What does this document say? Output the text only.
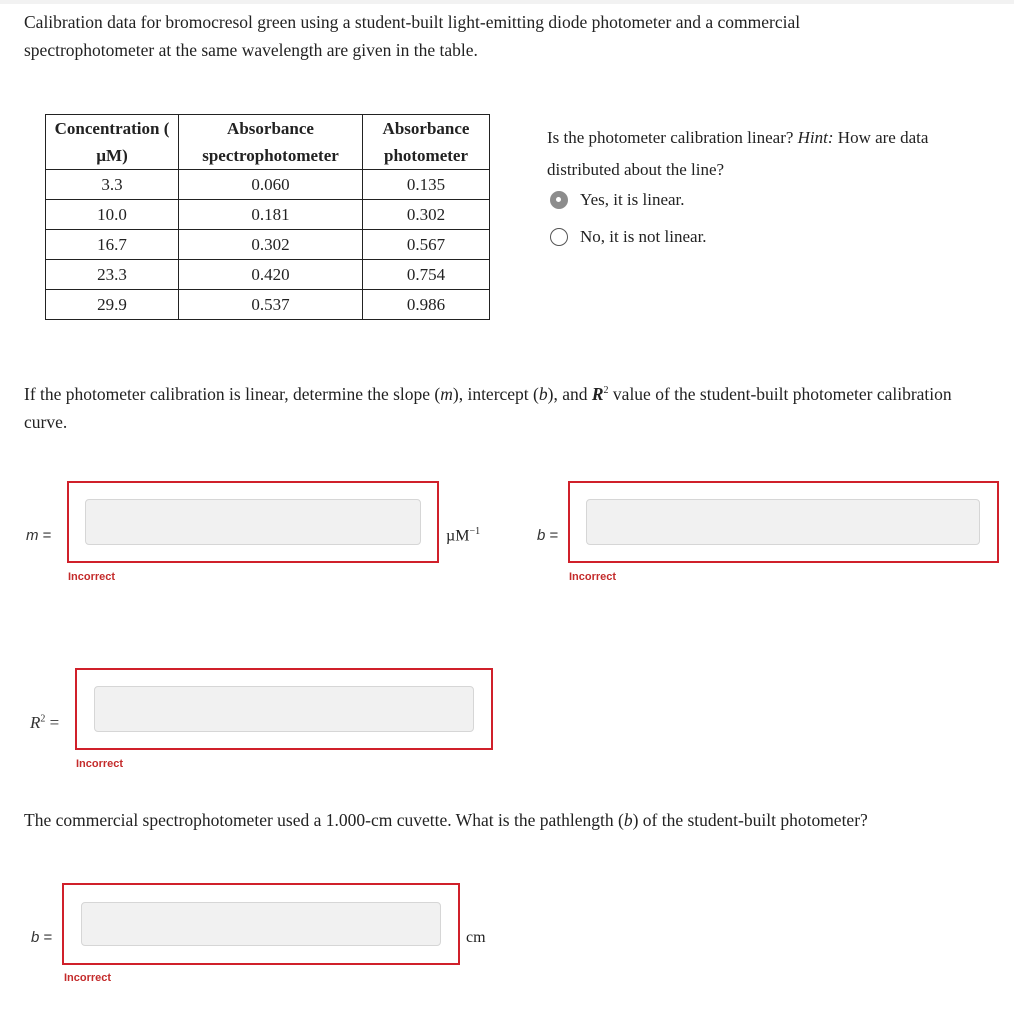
Calibration data for bromocresol green using a student-built light-emitting diode photometer and a commercial spectrophotometer at the same wavelength are given in the table.
Concentration ( µM)	Absorbance spectrophotometer	Absorbance photometer
3.3	0.060	0.135
10.0	0.181	0.302
16.7	0.302	0.567
23.3	0.420	0.754
29.9	0.537	0.986
Is the photometer calibration linear? Hint: How are data distributed about the line?
Yes, it is linear.
No, it is not linear.
If the photometer calibration is linear, determine the slope (m), intercept (b), and $R^2$ value of the student-built photometer calibration curve.
m =	µM$^{-1}$
Incorrect
b =
Incorrect
$R^2$ =
Incorrect
The commercial spectrophotometer used a 1.000-cm cuvette. What is the pathlength (b) of the student-built photometer?
b =	cm
Incorrect
